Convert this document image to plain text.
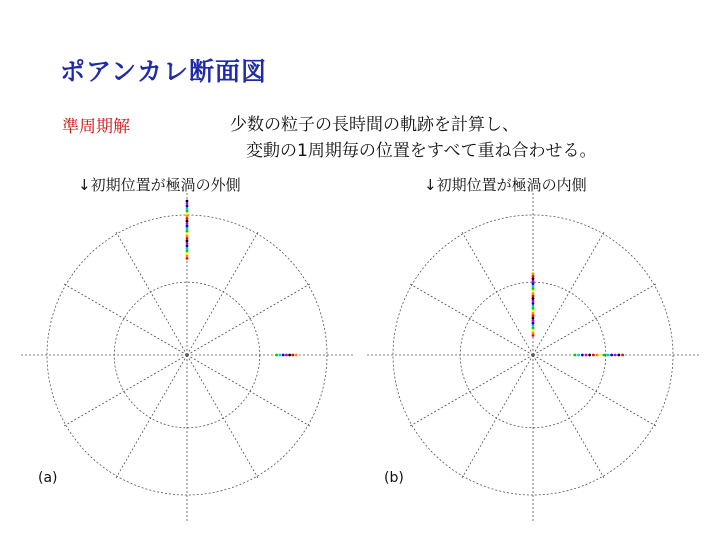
ポアンカレ断面図
準周期解	少数の粒子の長時間の軌跡を計算し、
変動の1周期毎の位置をすべて重ね合わせる。
↓初期位置が極渦の外側	↓初期位置が極渦の内側
(a)	(b)
